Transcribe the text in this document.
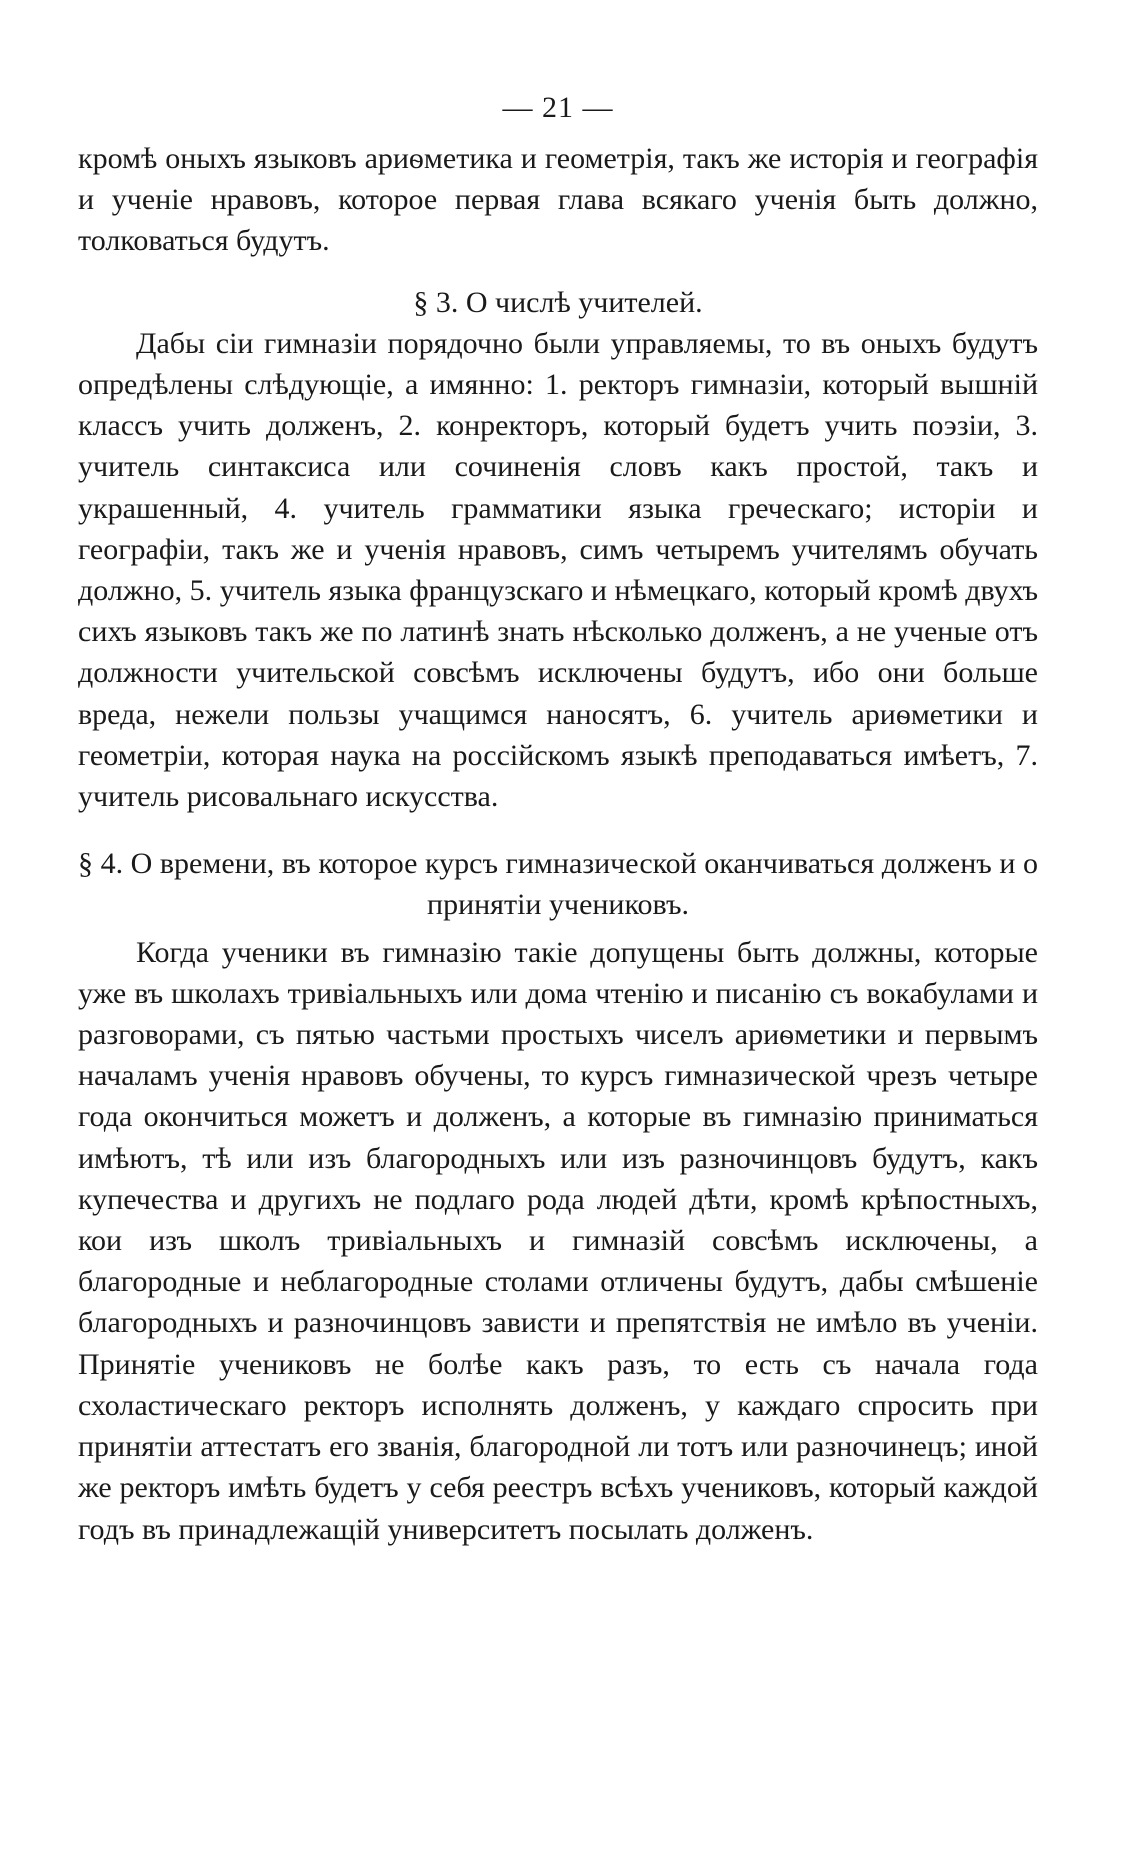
— 21 —

кромѣ оныхъ языковъ ариѳметика и геометрія, такъ же исторія и географія и ученіе нравовъ, которое первая глава всякаго ученія быть должно, толковаться будутъ.

§ 3. О числѣ учителей.

Дабы сіи гимназіи порядочно были управляемы, то въ оныхъ будутъ опредѣлены слѣдующіе, а имянно: 1. ректоръ гимназіи, который вышній классъ учить долженъ, 2. конректоръ, который будетъ учить поэзіи, 3. учитель синтаксиса или сочиненія словъ какъ простой, такъ и украшенный, 4. учитель грамматики языка греческаго; исторіи и географіи, такъ же и ученія нравовъ, симъ четыремъ учителямъ обучать должно, 5. учитель языка французскаго и нѣмецкаго, который кромѣ двухъ сихъ языковъ такъ же по латинѣ знать нѣсколько долженъ, а не ученые отъ должности учительской совсѣмъ исключены будутъ, ибо они больше вреда, нежели пользы учащимся наносятъ, 6. учитель ариѳметики и геометріи, которая наука на россійскомъ языкѣ преподаваться имѣетъ, 7. учитель рисовальнаго искусства.

§ 4. О времени, въ которое курсъ гимназической оканчиваться долженъ и о принятіи учениковъ.

Когда ученики въ гимназію такіе допущены быть должны, которые уже въ школахъ тривіальныхъ или дома чтенію и писанію съ вокабулами и разговорами, съ пятью частьми простыхъ чиселъ ариѳметики и первымъ началамъ ученія нравовъ обучены, то курсъ гимназической чрезъ четыре года окончиться можетъ и долженъ, а которые въ гимназію приниматься имѣютъ, тѣ или изъ благородныхъ или изъ разночинцовъ будутъ, какъ купечества и другихъ не подлаго рода людей дѣти, кромѣ крѣпостныхъ, кои изъ школъ тривіальныхъ и гимназій совсѣмъ исключены, а благородные и неблагородные столами отличены будутъ, дабы смѣшеніе благородныхъ и разночинцовъ зависти и препятствія не имѣло въ ученіи. Принятіе учениковъ не болѣе какъ разъ, то есть съ начала года схоластическаго ректоръ исполнять долженъ, у каждаго спросить при принятіи аттестатъ его званія, благородной ли тотъ или разночинецъ; иной же ректоръ имѣть будетъ у себя реестръ всѣхъ учениковъ, который каждой годъ въ принадлежащій университетъ посылать долженъ.
